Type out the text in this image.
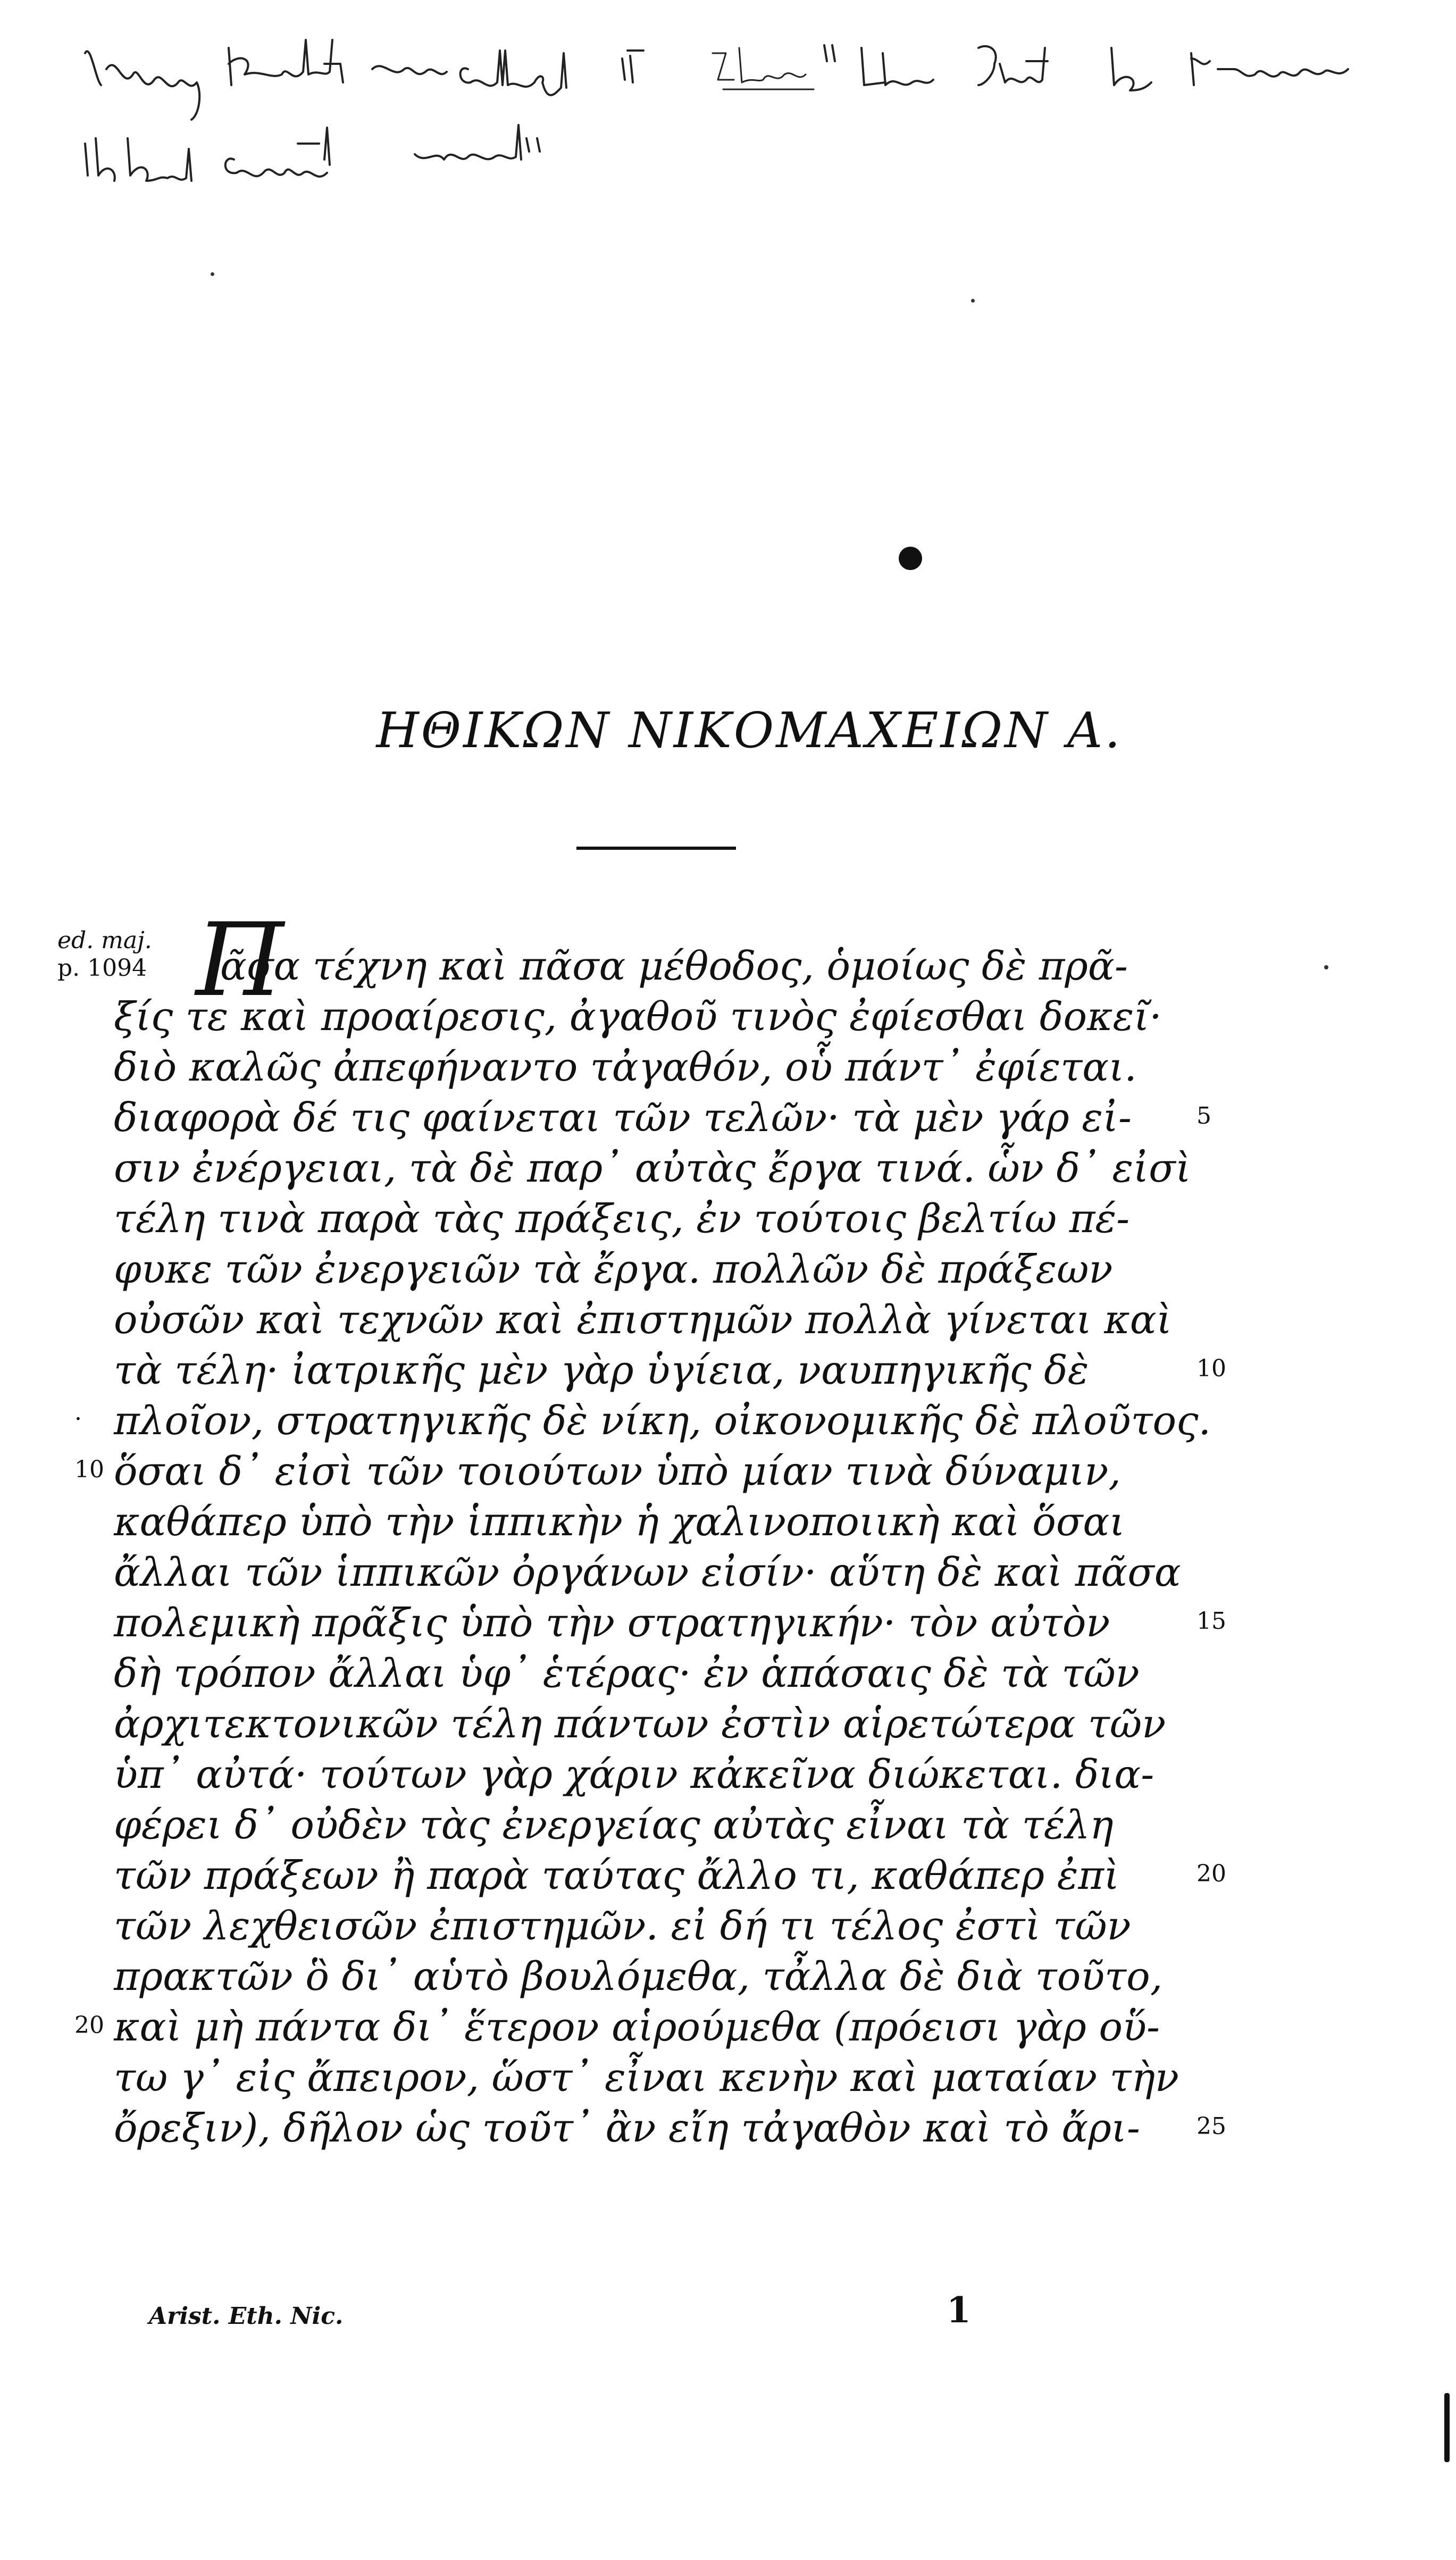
ΗΘΙΚΩΝ ΝΙΚΟΜΑΧΕΙΩΝ Α.
ed. maj.
p. 1094 Π
ᾶσα τέχνη καὶ πᾶσα μέθοδος, ὁμοίως δὲ πρᾶ-
ξίς τε καὶ προαίρεσις, ἀγαθοῦ τινὸς ἐφίεσθαι δοκεῖ·
διὸ καλῶς ἀπεφήναντο τἀγαθόν, οὗ πάντ᾽ ἐφίεται.
διαφορὰ δέ τις φαίνεται τῶν τελῶν· τὰ μὲν γάρ εἰ-
σιν ἐνέργειαι, τὰ δὲ παρ᾽ αὐτὰς ἔργα τινά. ὧν δ᾽ εἰσὶ
τέλη τινὰ παρὰ τὰς πράξεις, ἐν τούτοις βελτίω πέ-
φυκε τῶν ἐνεργειῶν τὰ ἔργα. πολλῶν δὲ πράξεων
οὐσῶν καὶ τεχνῶν καὶ ἐπιστημῶν πολλὰ γίνεται καὶ
τὰ τέλη· ἰατρικῆς μὲν γὰρ ὑγίεια, ναυπηγικῆς δὲ
πλοῖον, στρατηγικῆς δὲ νίκη, οἰκονομικῆς δὲ πλοῦτος.
ὅσαι δ᾽ εἰσὶ τῶν τοιούτων ὑπὸ μίαν τινὰ δύναμιν,
καθάπερ ὑπὸ τὴν ἱππικὴν ἡ χαλινοποιικὴ καὶ ὅσαι
ἄλλαι τῶν ἱππικῶν ὀργάνων εἰσίν· αὕτη δὲ καὶ πᾶσα
πολεμικὴ πρᾶξις ὑπὸ τὴν στρατηγικήν· τὸν αὐτὸν
δὴ τρόπον ἄλλαι ὑφ᾽ ἑτέρας· ἐν ἁπάσαις δὲ τὰ τῶν
ἀρχιτεκτονικῶν τέλη πάντων ἐστὶν αἱρετώτερα τῶν
ὑπ᾽ αὐτά· τούτων γὰρ χάριν κἀκεῖνα διώκεται. δια-
φέρει δ᾽ οὐδὲν τὰς ἐνεργείας αὐτὰς εἶναι τὰ τέλη
τῶν πράξεων ἢ παρὰ ταύτας ἄλλο τι, καθάπερ ἐπὶ
τῶν λεχθεισῶν ἐπιστημῶν. εἰ δή τι τέλος ἐστὶ τῶν
πρακτῶν ὃ δι᾽ αὑτὸ βουλόμεθα, τἆλλα δὲ διὰ τοῦτο,
καὶ μὴ πάντα δι᾽ ἕτερον αἱρούμεθα (πρόεισι γὰρ οὕ-
τω γ᾽ εἰς ἄπειρον, ὥστ᾽ εἶναι κενὴν καὶ ματαίαν τὴν
ὄρεξιν), δῆλον ὡς τοῦτ᾽ ἂν εἴη τἀγαθὸν καὶ τὸ ἄρι-
Arist. Eth. Nic.	1
5
10
·
10
15
20
20
25
